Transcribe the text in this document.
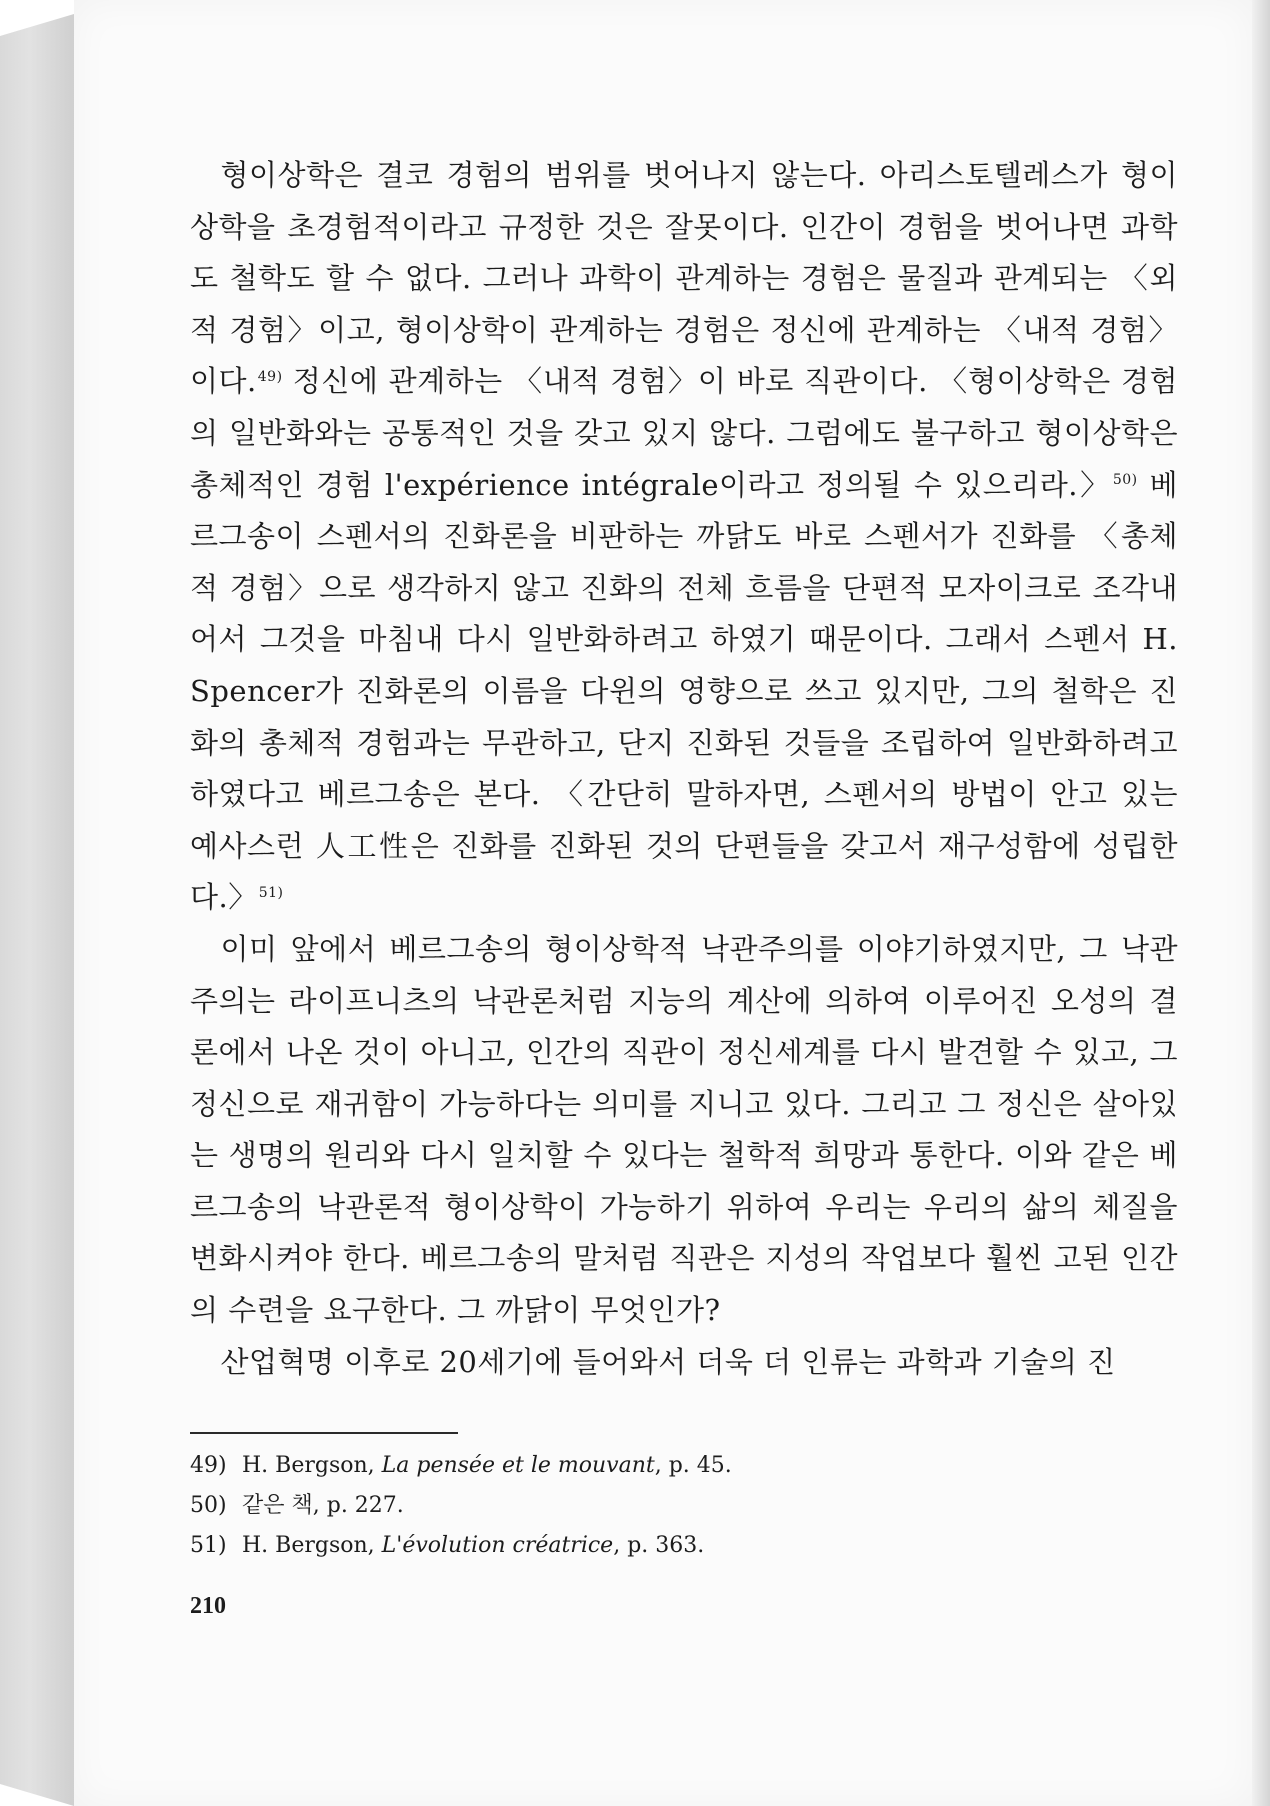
형이상학은 결코 경험의 범위를 벗어나지 않는다. 아리스토텔레스가 형이상학을 초경험적이라고 규정한 것은 잘못이다. 인간이 경험을 벗어나면 과학도 철학도 할 수 없다. 그러나 과학이 관계하는 경험은 물질과 관계되는 〈외적 경험〉이고, 형이상학이 관계하는 경험은 정신에 관계하는 〈내적 경험〉이다.$^{49)}$ 정신에 관계하는 〈내적 경험〉이 바로 직관이다. 〈형이상학은 경험의 일반화와는 공통적인 것을 갖고 있지 않다. 그럼에도 불구하고 형이상학은 총체적인 경험 l'expérience intégrale이라고 정의될 수 있으리라.〉$^{50)}$ 베르그송이 스펜서의 진화론을 비판하는 까닭도 바로 스펜서가 진화를 〈총체적 경험〉으로 생각하지 않고 진화의 전체 흐름을 단편적 모자이크로 조각내어서 그것을 마침내 다시 일반화하려고 하였기 때문이다. 그래서 스펜서 H. Spencer가 진화론의 이름을 다윈의 영향으로 쓰고 있지만, 그의 철학은 진화의 총체적 경험과는 무관하고, 단지 진화된 것들을 조립하여 일반화하려고 하였다고 베르그송은 본다. 〈간단히 말하자면, 스펜서의 방법이 안고 있는 예사스런 人工性은 진화를 진화된 것의 단편들을 갖고서 재구성함에 성립한다.〉$^{51)}$

이미 앞에서 베르그송의 형이상학적 낙관주의를 이야기하였지만, 그 낙관주의는 라이프니츠의 낙관론처럼 지능의 계산에 의하여 이루어진 오성의 결론에서 나온 것이 아니고, 인간의 직관이 정신세계를 다시 발견할 수 있고, 그 정신으로 재귀함이 가능하다는 의미를 지니고 있다. 그리고 그 정신은 살아있는 생명의 원리와 다시 일치할 수 있다는 철학적 희망과 통한다. 이와 같은 베르그송의 낙관론적 형이상학이 가능하기 위하여 우리는 우리의 삶의 체질을 변화시켜야 한다. 베르그송의 말처럼 직관은 지성의 작업보다 훨씬 고된 인간의 수련을 요구한다. 그 까닭이 무엇인가?

산업혁명 이후로 20세기에 들어와서 더욱 더 인류는 과학과 기술의 진

49) H. Bergson, La pensée et le mouvant, p. 45.
50) 같은 책, p. 227.
51) H. Bergson, L'évolution créatrice, p. 363.
210
